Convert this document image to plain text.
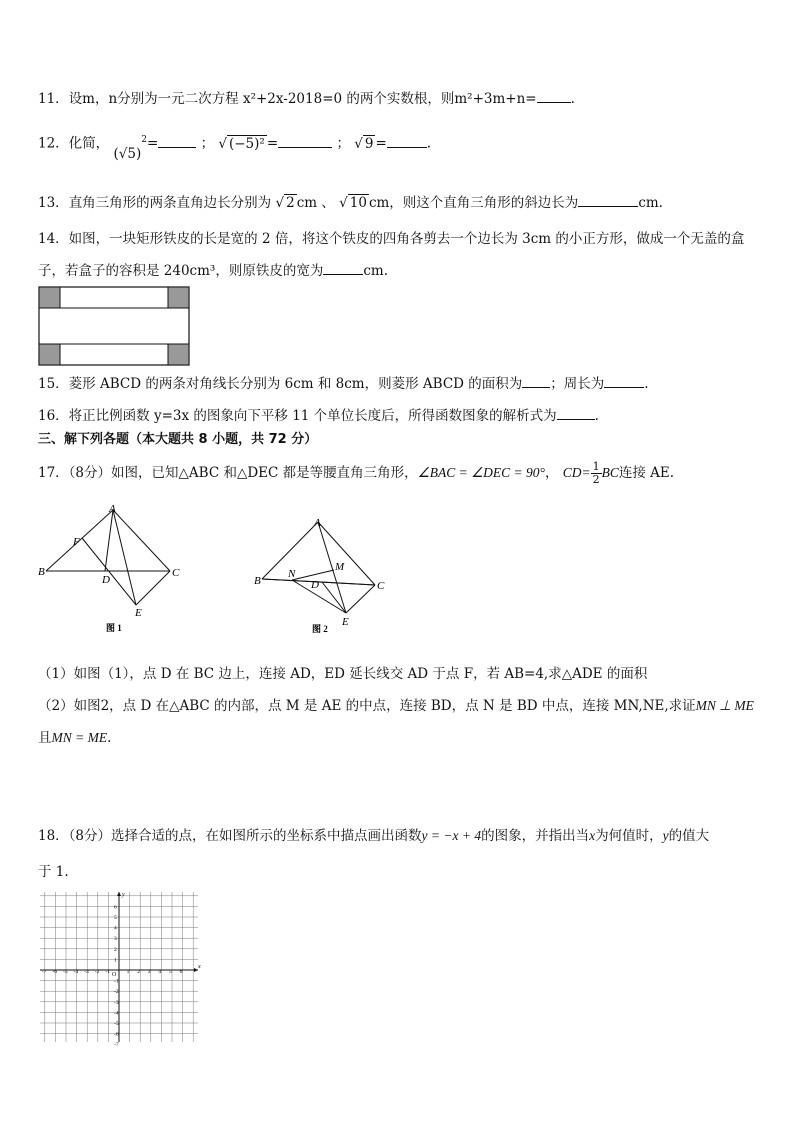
11．设m，n分别为一元二次方程 x²+2x-2018=0 的两个实数根，则m²+3m+n=	.
12．化简， $(√5)^2=$	； √ (−5)² =	； √ 9 =	.
13．直角三角形的两条直角边长分别为 √ 2 cm 、 √ 10 cm，则这个直角三角形的斜边长为	cm.
14．如图，一块矩形铁皮的长是宽的 2 倍，将这个铁皮的四角各剪去一个边长为 3cm 的小正方形，做成一个无盖的盒
子，若盒子的容积是 240cm³，则原铁皮的宽为	cm.
15．菱形 ABCD 的两条对角线长分别为 6cm 和 8cm，则菱形 ABCD 的面积为 ；周长为	.
16．将正比例函数 y=3x 的图象向下平移 11 个单位长度后，所得函数图象的解析式为	.
三、解下列各题（本大题共 8 小题，共 72 分）
17．（8分）如图，已知△ABC 和△DEC 都是等腰直角三角形，∠BAC = ∠DEC = 90°， $CD= \frac{1}{2}$ BC连接 AE.
A
B	C
D
E
F
图 1
A
B	C
D
E
M
N
图 2
（1）如图（1），点 D 在 BC 边上，连接 AD，ED 延长线交 AD 于点 F，若 AB=4,求△ADE 的面积
（2）如图2，点 D 在△ABC 的内部，点 M 是 AE 的中点，连接 BD，点 N 是 BD 中点，连接 MN,NE,求证MN ⊥ ME
且MN = ME.
18．（8分）选择合适的点，在如图所示的坐标系中描点画出函数y = −x + 4的图象，并指出当x为何值时，y的值大
于 1.
x
y
O
-7 -6 -5 -4 -3 -2 -1	1 2 3 4 5 6
6
5
4
3
2
1
-1
-2
-3
-4
-5
-6
-7
